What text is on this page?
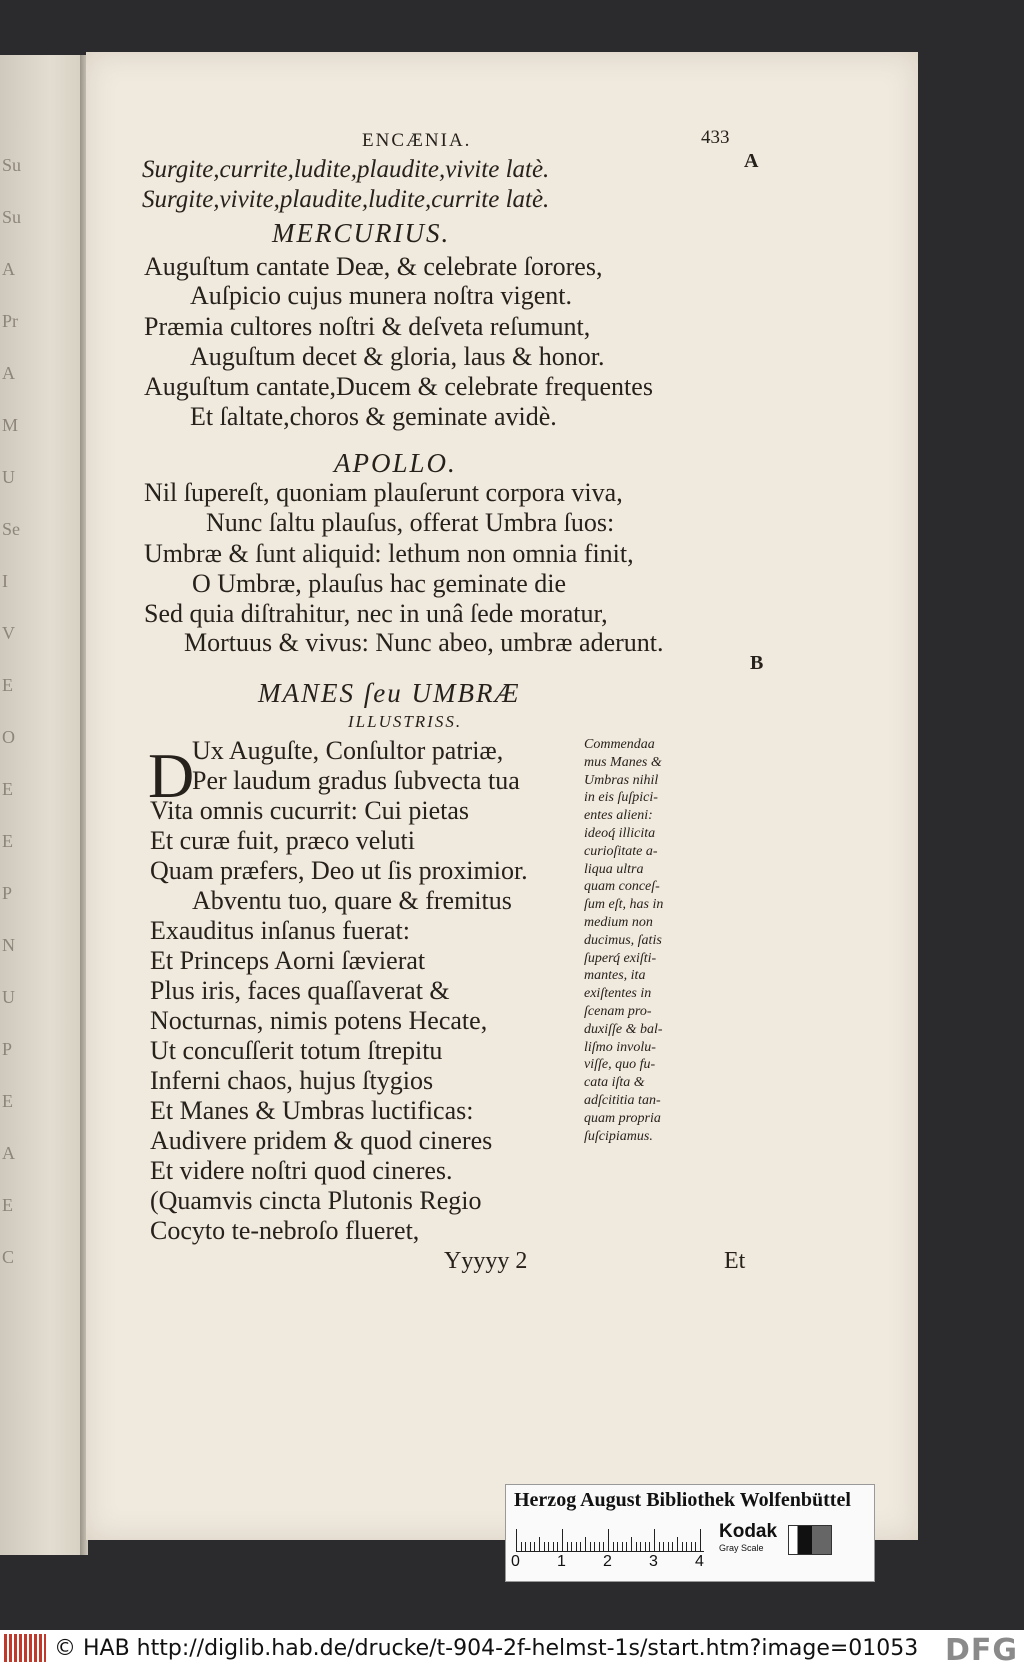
Su
Su
A
Pr
A
M
U
Se
I
V
E
O
E
E
P
N
U
P
E
A
E
C
ENCÆNIA.	433
A
Surgite,currite,ludite,plaudite,vivite latè.
Surgite,vivite,plaudite,ludite,currite latè.
MERCURIUS.
Auguſtum cantate Deæ, & celebrate ſorores,
Auſpicio cujus munera noſtra vigent.
Præmia cultores noſtri & deſveta reſumunt,
Auguſtum decet & gloria, laus & honor.
Auguſtum cantate,Ducem & celebrate frequentes
Et ſaltate,choros & geminate avidè.
APOLLO.
Nil ſupereſt, quoniam plauſerunt corpora viva,
Nunc ſaltu plauſus, offerat Umbra ſuos:
Umbræ & ſunt aliquid: lethum non omnia finit,
O Umbræ, plauſus hac geminate die
Sed quia diſtrahitur, nec in unâ ſede moratur,
Mortuus & vivus: Nunc abeo, umbræ aderunt.
B
MANES ſeu UMBRÆ
ILLUSTRISS.
D
Ux Auguſte, Conſultor patriæ,
Per laudum gradus ſubvecta tua
Vita omnis cucurrit: Cui pietas
Et curæ fuit, præco veluti
Quam præfers, Deo ut ſis proximior.
Abventu tuo, quare & fremitus
Exauditus inſanus fuerat:
Et Princeps Aorni ſævierat
Plus iris, faces quaſſaverat &
Nocturnas, nimis potens Hecate,
Ut concuſſerit totum ſtrepitu
Inferni chaos, hujus ſtygios
Et Manes & Umbras luctificas:
Audivere pridem & quod cineres
Et videre noſtri quod cineres.
(Quamvis cincta Plutonis Regio
Cocyto te-nebroſo flueret,
Commendaa
mus Manes &
Umbras nihil
in eis ſuſpici-
entes alieni:
ideoq́ illicita
curioſitate a-
liqua ultra
quam conceſ-
ſum eſt, has in
medium non
ducimus, ſatis
ſuperq́ exiſti-
mantes, ita
exiſtentes in
ſcenam pro-
duxiſſe & bal-
liſmo involu-
viſſe, quo fu-
cata iſta &
adſcititia tan-
quam propria
ſuſcipiamus.
Yyyyy 2	Et
Herzog August Bibliothek Wolfenbüttel
0 1 2 3 4
Kodak
Gray Scale
© HAB http://diglib.hab.de/drucke/t-904-2f-helmst-1s/start.htm?image=01053 DFG
